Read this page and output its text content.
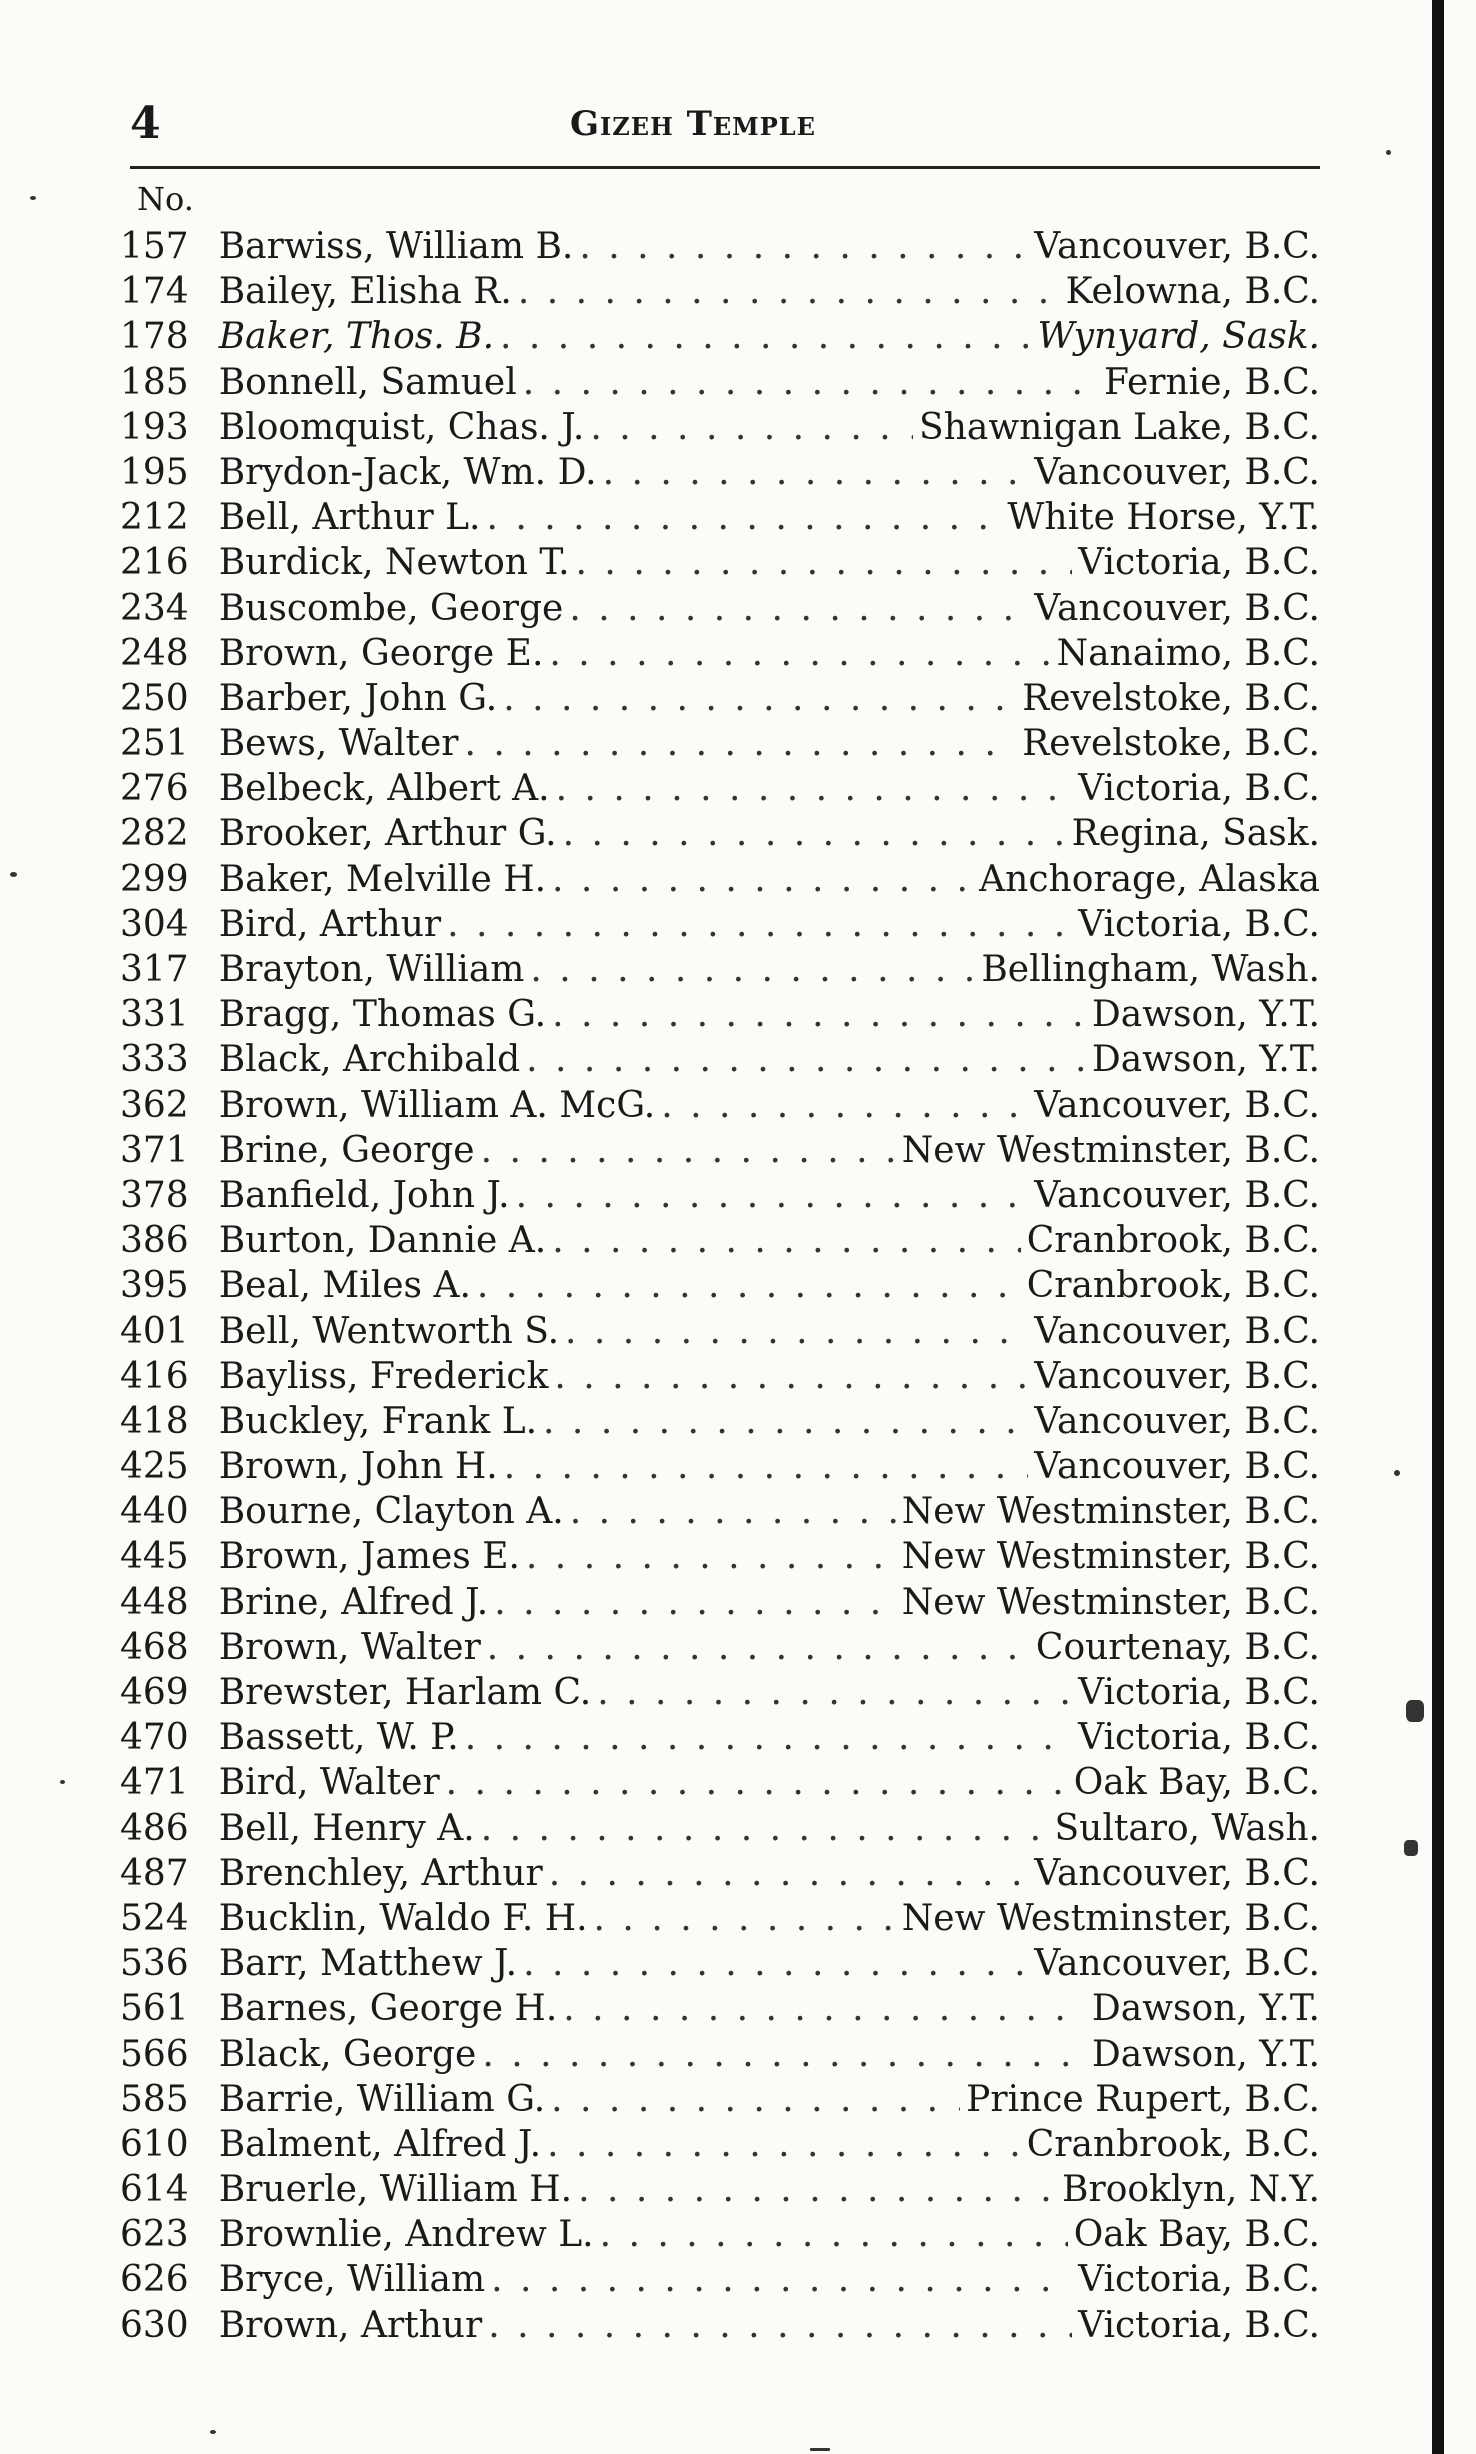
4	Gizeh Temple
No.
157 Barwiss, William B. . . .	Vancouver, B.C.
174 Bailey, Elisha R. . . .	Kelowna, B.C.
178 Baker, Thos. B. . . .	Wynyard, Sask.
185 Bonnell, Samuel . . .	Fernie, B.C.
193 Bloomquist, Chas. J. . . .	Shawnigan Lake, B.C.
195 Brydon-Jack, Wm. D. . . .	Vancouver, B.C.
212 Bell, Arthur L. . . .	White Horse, Y.T.
216 Burdick, Newton T. . . .	Victoria, B.C.
234 Buscombe, George . . .	Vancouver, B.C.
248 Brown, George E. . . .	Nanaimo, B.C.
250 Barber, John G. . . .	Revelstoke, B.C.
251 Bews, Walter . . .	Revelstoke, B.C.
276 Belbeck, Albert A. . . .	Victoria, B.C.
282 Brooker, Arthur G. . . .	Regina, Sask.
299 Baker, Melville H. . . .	Anchorage, Alaska
304 Bird, Arthur . . .	Victoria, B.C.
317 Brayton, William . . .	Bellingham, Wash.
331 Bragg, Thomas G. . . .	Dawson, Y.T.
333 Black, Archibald . . .	Dawson, Y.T.
362 Brown, William A. McG. . . .	Vancouver, B.C.
371 Brine, George . . .	New Westminster, B.C.
378 Banfield, John J. . . .	Vancouver, B.C.
386 Burton, Dannie A. . . .	Cranbrook, B.C.
395 Beal, Miles A. . . .	Cranbrook, B.C.
401 Bell, Wentworth S. . . .	Vancouver, B.C.
416 Bayliss, Frederick . . .	Vancouver, B.C.
418 Buckley, Frank L. . . .	Vancouver, B.C.
425 Brown, John H. . . .	Vancouver, B.C.
440 Bourne, Clayton A. . . .	New Westminster, B.C.
445 Brown, James E. . . .	New Westminster, B.C.
448 Brine, Alfred J. . . .	New Westminster, B.C.
468 Brown, Walter . . .	Courtenay, B.C.
469 Brewster, Harlam C. . . .	Victoria, B.C.
470 Bassett, W. P. . . .	Victoria, B.C.
471 Bird, Walter . . .	Oak Bay, B.C.
486 Bell, Henry A. . . .	Sultaro, Wash.
487 Brenchley, Arthur . . .	Vancouver, B.C.
524 Bucklin, Waldo F. H. . . .	New Westminster, B.C.
536 Barr, Matthew J. . . .	Vancouver, B.C.
561 Barnes, George H. . . .	Dawson, Y.T.
566 Black, George . . .	Dawson, Y.T.
585 Barrie, William G. . . .	Prince Rupert, B.C.
610 Balment, Alfred J. . . .	Cranbrook, B.C.
614 Bruerle, William H. . . .	Brooklyn, N.Y.
623 Brownlie, Andrew L. . . .	Oak Bay, B.C.
626 Bryce, William . . .	Victoria, B.C.
630 Brown, Arthur . . .	Victoria, B.C.
